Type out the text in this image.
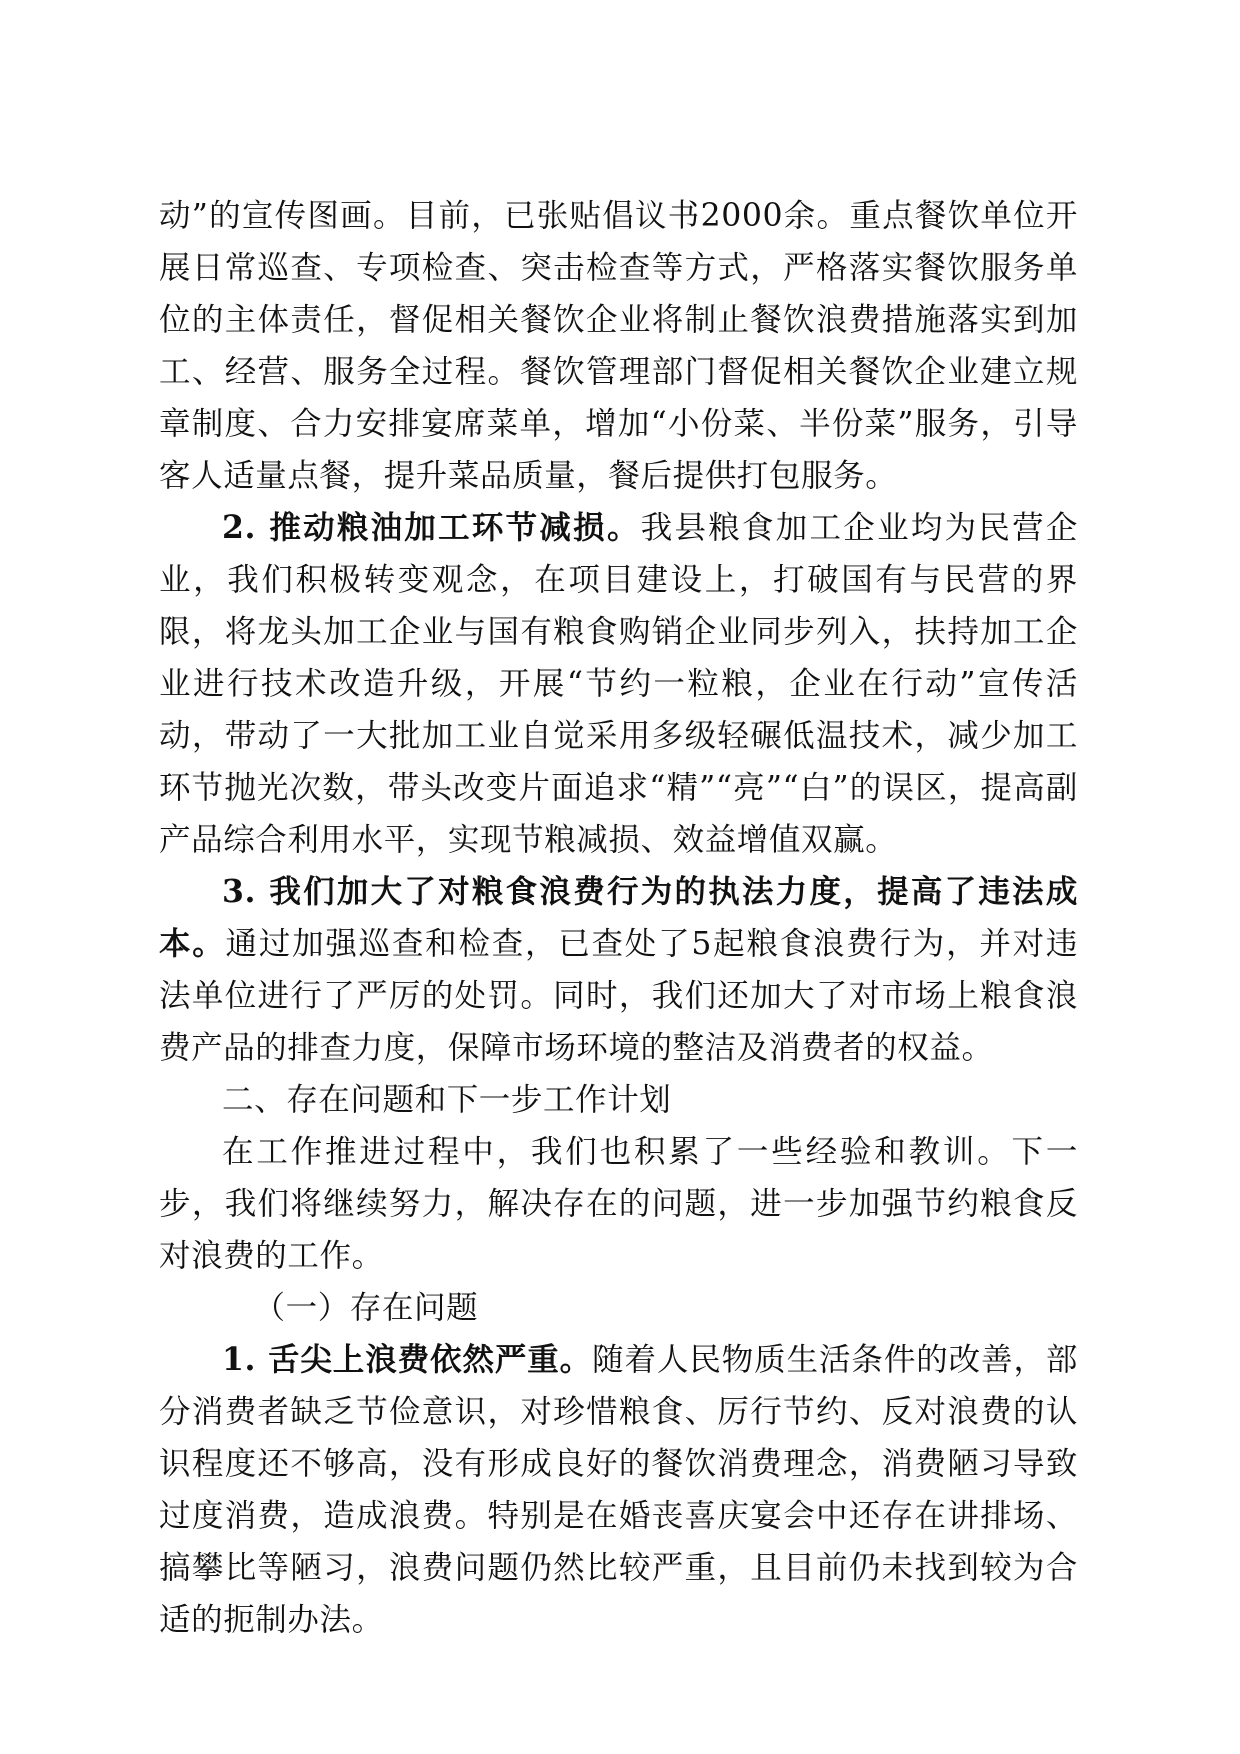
动”的宣传图画。目前，已张贴倡议书2000余。重点餐饮单位开展日常巡查、专项检查、突击检查等方式，严格落实餐饮服务单位的主体责任，督促相关餐饮企业将制止餐饮浪费措施落实到加工、经营、服务全过程。餐饮管理部门督促相关餐饮企业建立规章制度、合力安排宴席菜单，增加“小份菜、半份菜”服务，引导客人适量点餐，提升菜品质量，餐后提供打包服务。

2. 推动粮油加工环节减损。我县粮食加工企业均为民营企业，我们积极转变观念，在项目建设上，打破国有与民营的界限，将龙头加工企业与国有粮食购销企业同步列入，扶持加工企业进行技术改造升级，开展“节约一粒粮，企业在行动”宣传活动，带动了一大批加工业自觉采用多级轻碾低温技术，减少加工环节抛光次数，带头改变片面追求“精”“亮”“白”的误区，提高副产品综合利用水平，实现节粮减损、效益增值双赢。

3. 我们加大了对粮食浪费行为的执法力度，提高了违法成本。通过加强巡查和检查，已查处了5起粮食浪费行为，并对违法单位进行了严厉的处罚。同时，我们还加大了对市场上粮食浪费产品的排查力度，保障市场环境的整洁及消费者的权益。

二、存在问题和下一步工作计划

在工作推进过程中，我们也积累了一些经验和教训。下一步，我们将继续努力，解决存在的问题，进一步加强节约粮食反对浪费的工作。

（一）存在问题

1. 舌尖上浪费依然严重。随着人民物质生活条件的改善，部分消费者缺乏节俭意识，对珍惜粮食、厉行节约、反对浪费的认识程度还不够高，没有形成良好的餐饮消费理念，消费陋习导致过度消费，造成浪费。特别是在婚丧喜庆宴会中还存在讲排场、搞攀比等陋习，浪费问题仍然比较严重，且目前仍未找到较为合适的扼制办法。
